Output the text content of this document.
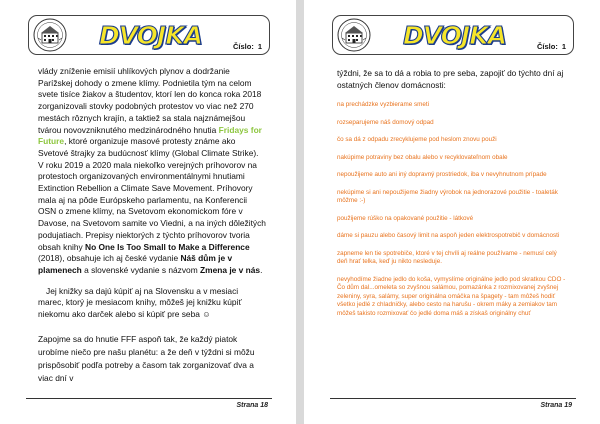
DVOJKA	Číslo: 1

vlády zníženie emisií uhlíkových plynov a dodržanie Parížskej dohody o zmene klímy. Podnietila tým na celom svete tisíce žiakov a študentov, ktorí len do konca roka 2018 zorganizovali stovky podobných protestov vo viac než 270 mestách rôznych krajín, a taktiež sa stala najznámejšou tvárou novovzniknutého medzinárodného hnutia Fridays for Future, ktoré organizuje masové protesty známe ako Svetové štrajky za budúcnosť klímy (Global Climate Strike). V roku 2019 a 2020 mala niekoľko verejných príhovorov na protestoch organizovaných environmentálnymi hnutiami Extinction Rebellion a Climate Save Movement. Príhovory mala aj na pôde Európskeho parlamentu, na Konferencii OSN o zmene klímy, na Svetovom ekonomickom fóre v Davose, na Svetovom samite vo Viedni, a na iných dôležitých podujatiach. Prepisy niektorých z týchto príhovorov tvoria obsah knihy No One Is Too Small to Make a Difference (2018), obsahuje ich aj české vydanie Náš dům je v plamenech a slovenské vydanie s názvom Zmena je v nás.

Jej knižky sa dajú kúpiť aj na Slovensku a v mesiaci marec, ktorý je mesiacom knihy, môžeš jej knižku kúpiť niekomu ako darček alebo si kúpiť pre seba ☺

Zapojme sa do hnutie FFF aspoň tak, že každý piatok urobíme niečo pre našu planétu: a že deň v týždni si môžu prispôsobiť podľa potreby a časom tak zorganizovať dva a viac dní v

Strana 18
DVOJKA	Číslo: 1

týždni, že sa to dá a robia to pre seba, zapojiť do týchto dní aj ostatných členov domácnosti:

na prechádzke vyzbierame smeti
rozseparujeme náš domový odpad
čo sa dá z odpadu zrecyklujeme pod heslom znovu použi
nakúpime potraviny bez obalu alebo v recyklovateľnom obale
nepoužijeme auto ani iný dopravný prostriedok, iba v nevyhnutnom prípade
nekúpime si ani nepoužijeme žiadny výrobok na jednorazové použitie - toaleták môžme :-)
použijeme rúško na opakované použitie - látkové
dáme si pauzu alebo časový limit na aspoň jeden elektrospotrebič v domácnosti
zapneme len tie spotrebiče, ktoré v tej chvíli aj reálne používame - nemusí celý deň hrať telka, keď ju nikto nesleduje.
nevyhodíme žiadne jedlo do koša, vymyslíme originálne jedlo pod skratkou CDO - Čo dům dal...omeleta so zvyšnou salámou, pomazánka z rozmixovanej zvyšnej zeleniny, syra, salámy, super originálna omáčka na špagety - tam môžeš hodiť všetko jedlé z chladničky, alebo cesto na harušu - okrem máky a zemiakov tam môžeš takisto rozmixovať čo jedlé doma máš a získaš originálny chuť
Strana 19
